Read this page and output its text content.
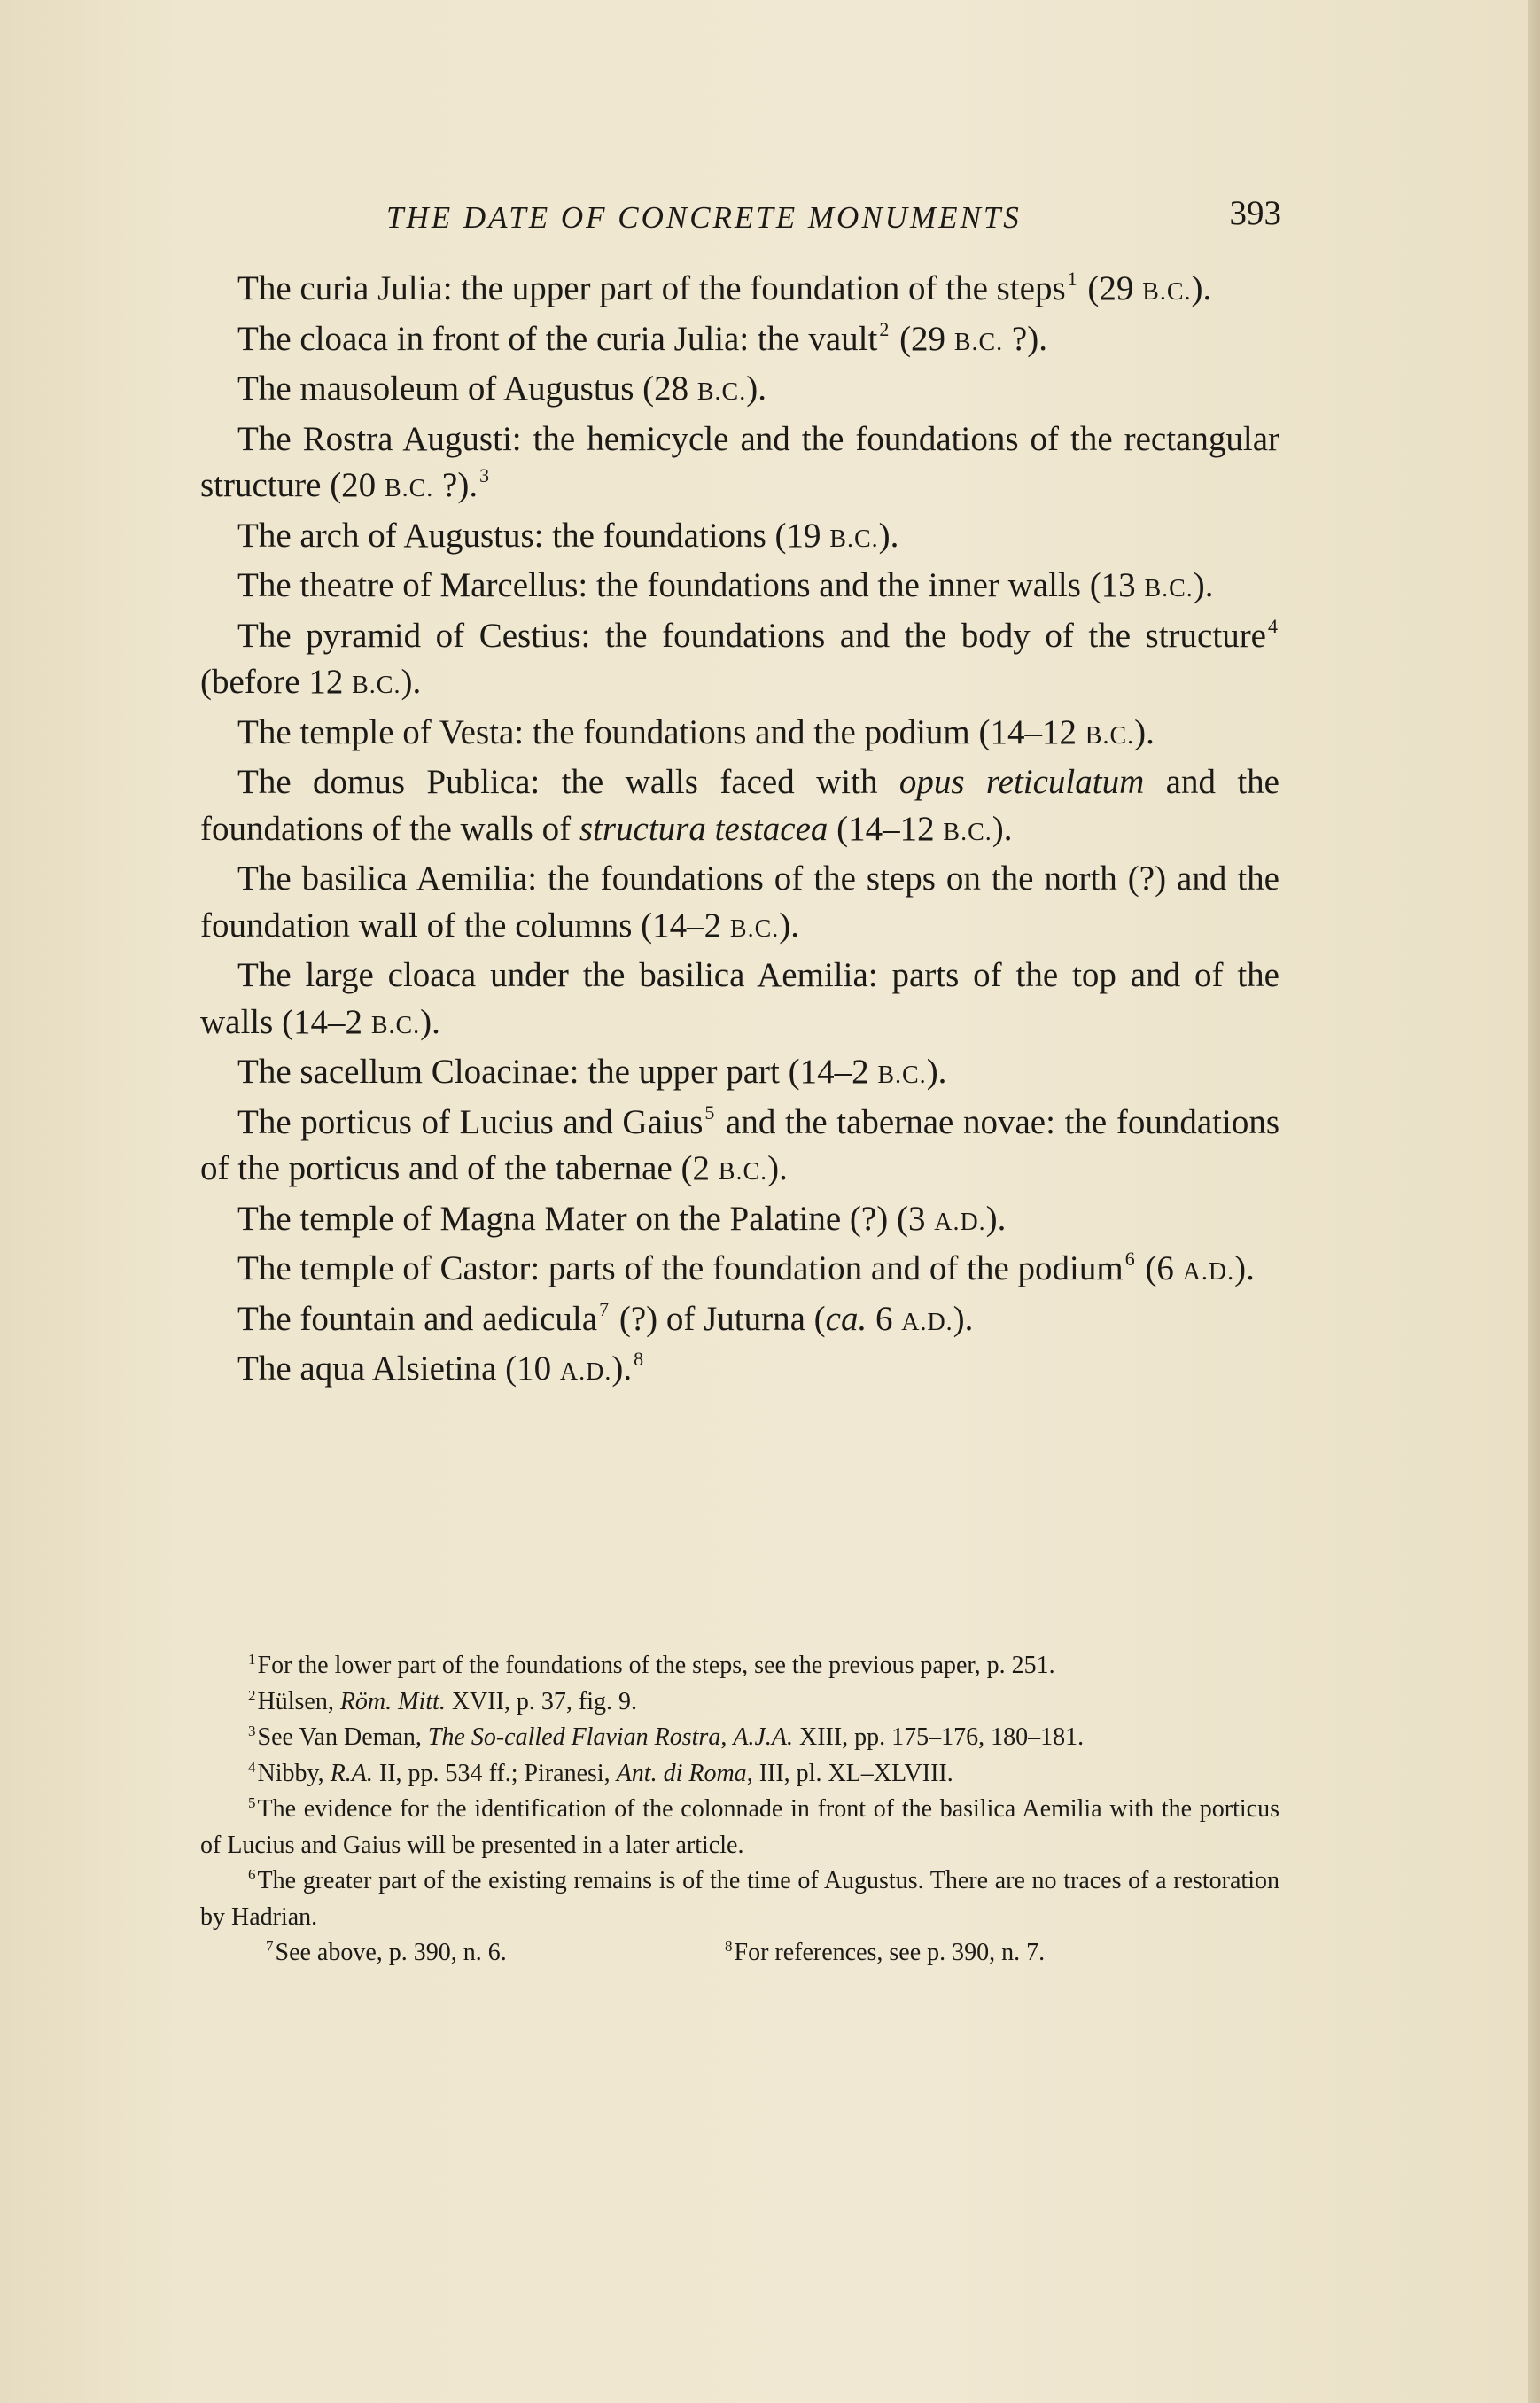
THE DATE OF CONCRETE MONUMENTS	393

The curia Julia: the upper part of the foundation of the steps$^1$ (29 B.C.).

The cloaca in front of the curia Julia: the vault$^2$ (29 B.C. ?).

The mausoleum of Augustus (28 B.C.).

The Rostra Augusti: the hemicycle and the foundations of the rectangular structure (20 B.C. ?).$^3$

The arch of Augustus: the foundations (19 B.C.).

The theatre of Marcellus: the foundations and the inner walls (13 B.C.).

The pyramid of Cestius: the foundations and the body of the structure$^4$ (before 12 B.C.).

The temple of Vesta: the foundations and the podium (14–12 B.C.).

The domus Publica: the walls faced with opus reticulatum and the foundations of the walls of structura testacea (14–12 B.C.).

The basilica Aemilia: the foundations of the steps on the north (?) and the foundation wall of the columns (14–2 B.C.).

The large cloaca under the basilica Aemilia: parts of the top and of the walls (14–2 B.C.).

The sacellum Cloacinae: the upper part (14–2 B.C.).

The porticus of Lucius and Gaius$^5$ and the tabernae novae: the foundations of the porticus and of the tabernae (2 B.C.).

The temple of Magna Mater on the Palatine (?) (3 A.D.).

The temple of Castor: parts of the foundation and of the podium$^6$ (6 A.D.).

The fountain and aedicula$^7$ (?) of Juturna (ca. 6 A.D.).

The aqua Alsietina (10 A.D.).$^8$

$^1$For the lower part of the foundations of the steps, see the previous paper, p. 251.

$^2$Hülsen, Röm. Mitt. XVII, p. 37, fig. 9.

$^3$See Van Deman, The So-called Flavian Rostra, A.J.A. XIII, pp. 175–176, 180–181.

$^4$Nibby, R.A. II, pp. 534 ff.; Piranesi, Ant. di Roma, III, pl. XL–XLVIII.

$^5$The evidence for the identification of the colonnade in front of the basilica Aemilia with the porticus of Lucius and Gaius will be presented in a later article.

$^6$The greater part of the existing remains is of the time of Augustus. There are no traces of a restoration by Hadrian.

$^7$See above, p. 390, n. 6.	$^8$For references, see p. 390, n. 7.
